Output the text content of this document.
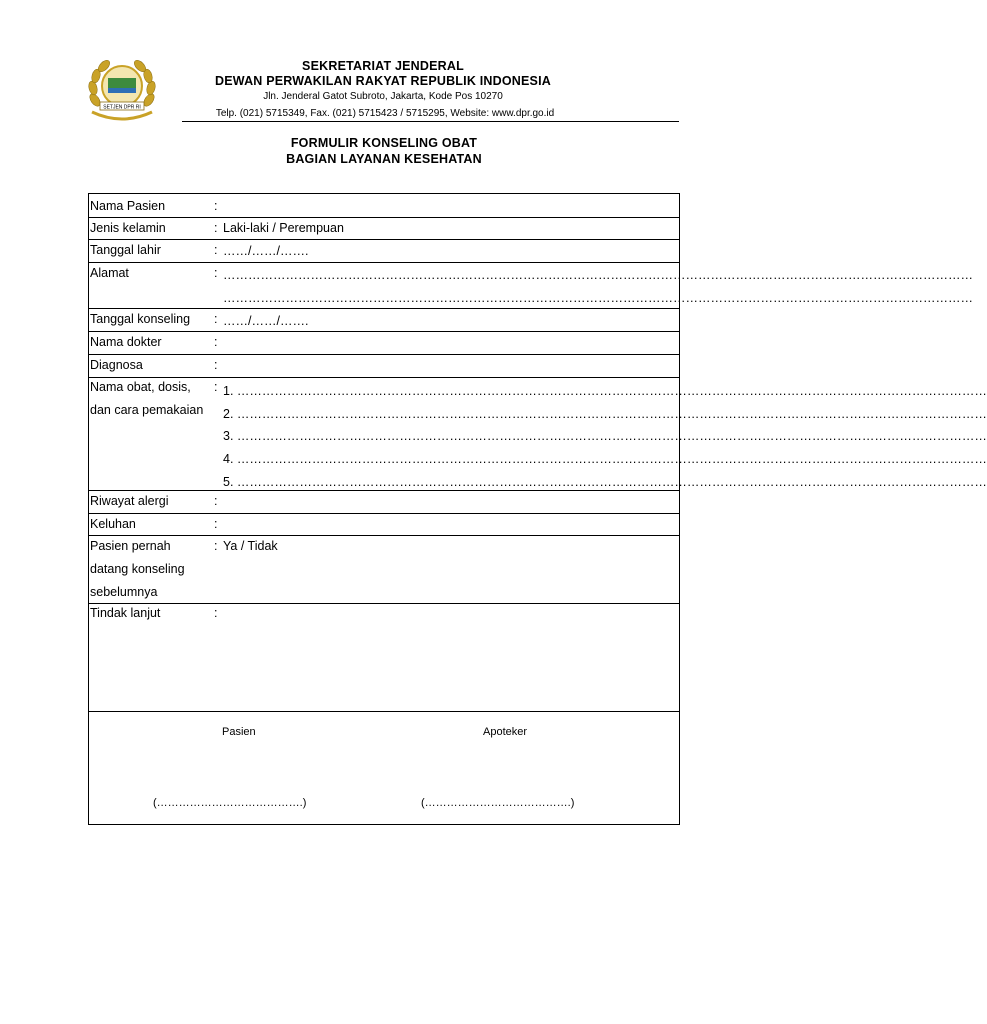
SETJEN DPR RI
SEKRETARIAT JENDERAL
DEWAN PERWAKILAN RAKYAT REPUBLIK INDONESIA
Jln. Jenderal Gatot Subroto, Jakarta, Kode Pos 10270
Telp. (021) 5715349, Fax. (021) 5715423 / 5715295, Website: www.dpr.go.id
FORMULIR KONSELING OBAT
BAGIAN LAYANAN KESEHATAN
Nama Pasien	:
Jenis kelamin	: Laki-laki / Perempuan
Tanggal lahir	: ……/……/…….
Alamat	: ………………………………………………………………………………………………………………………………………………………………
………………………………………………………………………………………………………………………………………………………………
Tanggal konseling : ……/……/…….
Nama dokter	:
Diagnosa	:
Nama obat, dosis,
dan cara pemakaian
: 1. ………………………………………………………………………………………………………………………………………………………………
2. ………………………………………………………………………………………………………………………………………………………………
3. ………………………………………………………………………………………………………………………………………………………………
4. ………………………………………………………………………………………………………………………………………………………………
5. ………………………………………………………………………………………………………………………………………………………………
Riwayat alergi	:
Keluhan	:
Pasien pernah
datang konseling
sebelumnya
: Ya / Tidak
Tindak lanjut	:
Pasien	Apoteker
(………………………………….)	(………………………………….)
